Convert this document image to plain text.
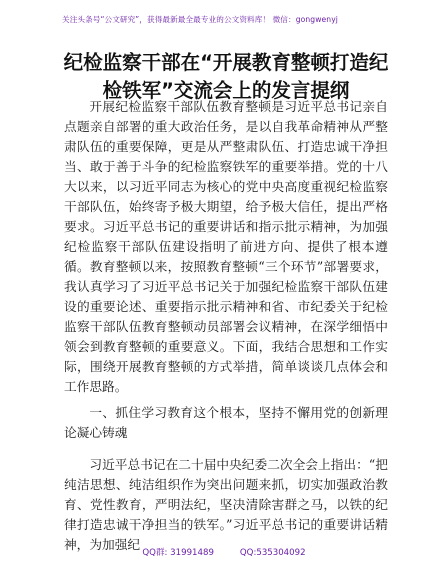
关注头条号“公文研究”，获得最新最全最专业的公文资料库！ 微信：gongwenyj
纪检监察干部在“开展教育整顿打造纪检铁军”交流会上的发言提纲

开展纪检监察干部队伍教育整顿是习近平总书记亲自点题亲自部署的重大政治任务，是以自我革命精神从严整肃队伍的重要保障，更是从严整肃队伍、打造忠诚干净担当、敢于善于斗争的纪检监察铁军的重要举措。党的十八大以来，以习近平同志为核心的党中央高度重视纪检监察干部队伍，始终寄予极大期望，给予极大信任，提出严格要求。习近平总书记的重要讲话和指示批示精神，为加强纪检监察干部队伍建设指明了前进方向、提供了根本遵循。教育整顿以来，按照教育整顿“三个环节”部署要求，我认真学习了习近平总书记关于加强纪检监察干部队伍建设的重要论述、重要指示批示精神和省、市纪委关于纪检监察干部队伍教育整顿动员部署会议精神，在深学细悟中领会到教育整顿的重要意义。下面，我结合思想和工作实际，围绕开展教育整顿的方式举措，简单谈谈几点体会和工作思路。

一、抓住学习教育这个根本，坚持不懈用党的创新理论凝心铸魂

习近平总书记在二十届中央纪委二次全会上指出：“把纯洁思想、纯洁组织作为突出问题来抓，切实加强政治教育、党性教育，严明法纪，坚决清除害群之马，以铁的纪律打造忠诚干净担当的铁军。”习近平总书记的重要讲话精神，为加强纪

QQ群: 31991489	QQ:535304092
